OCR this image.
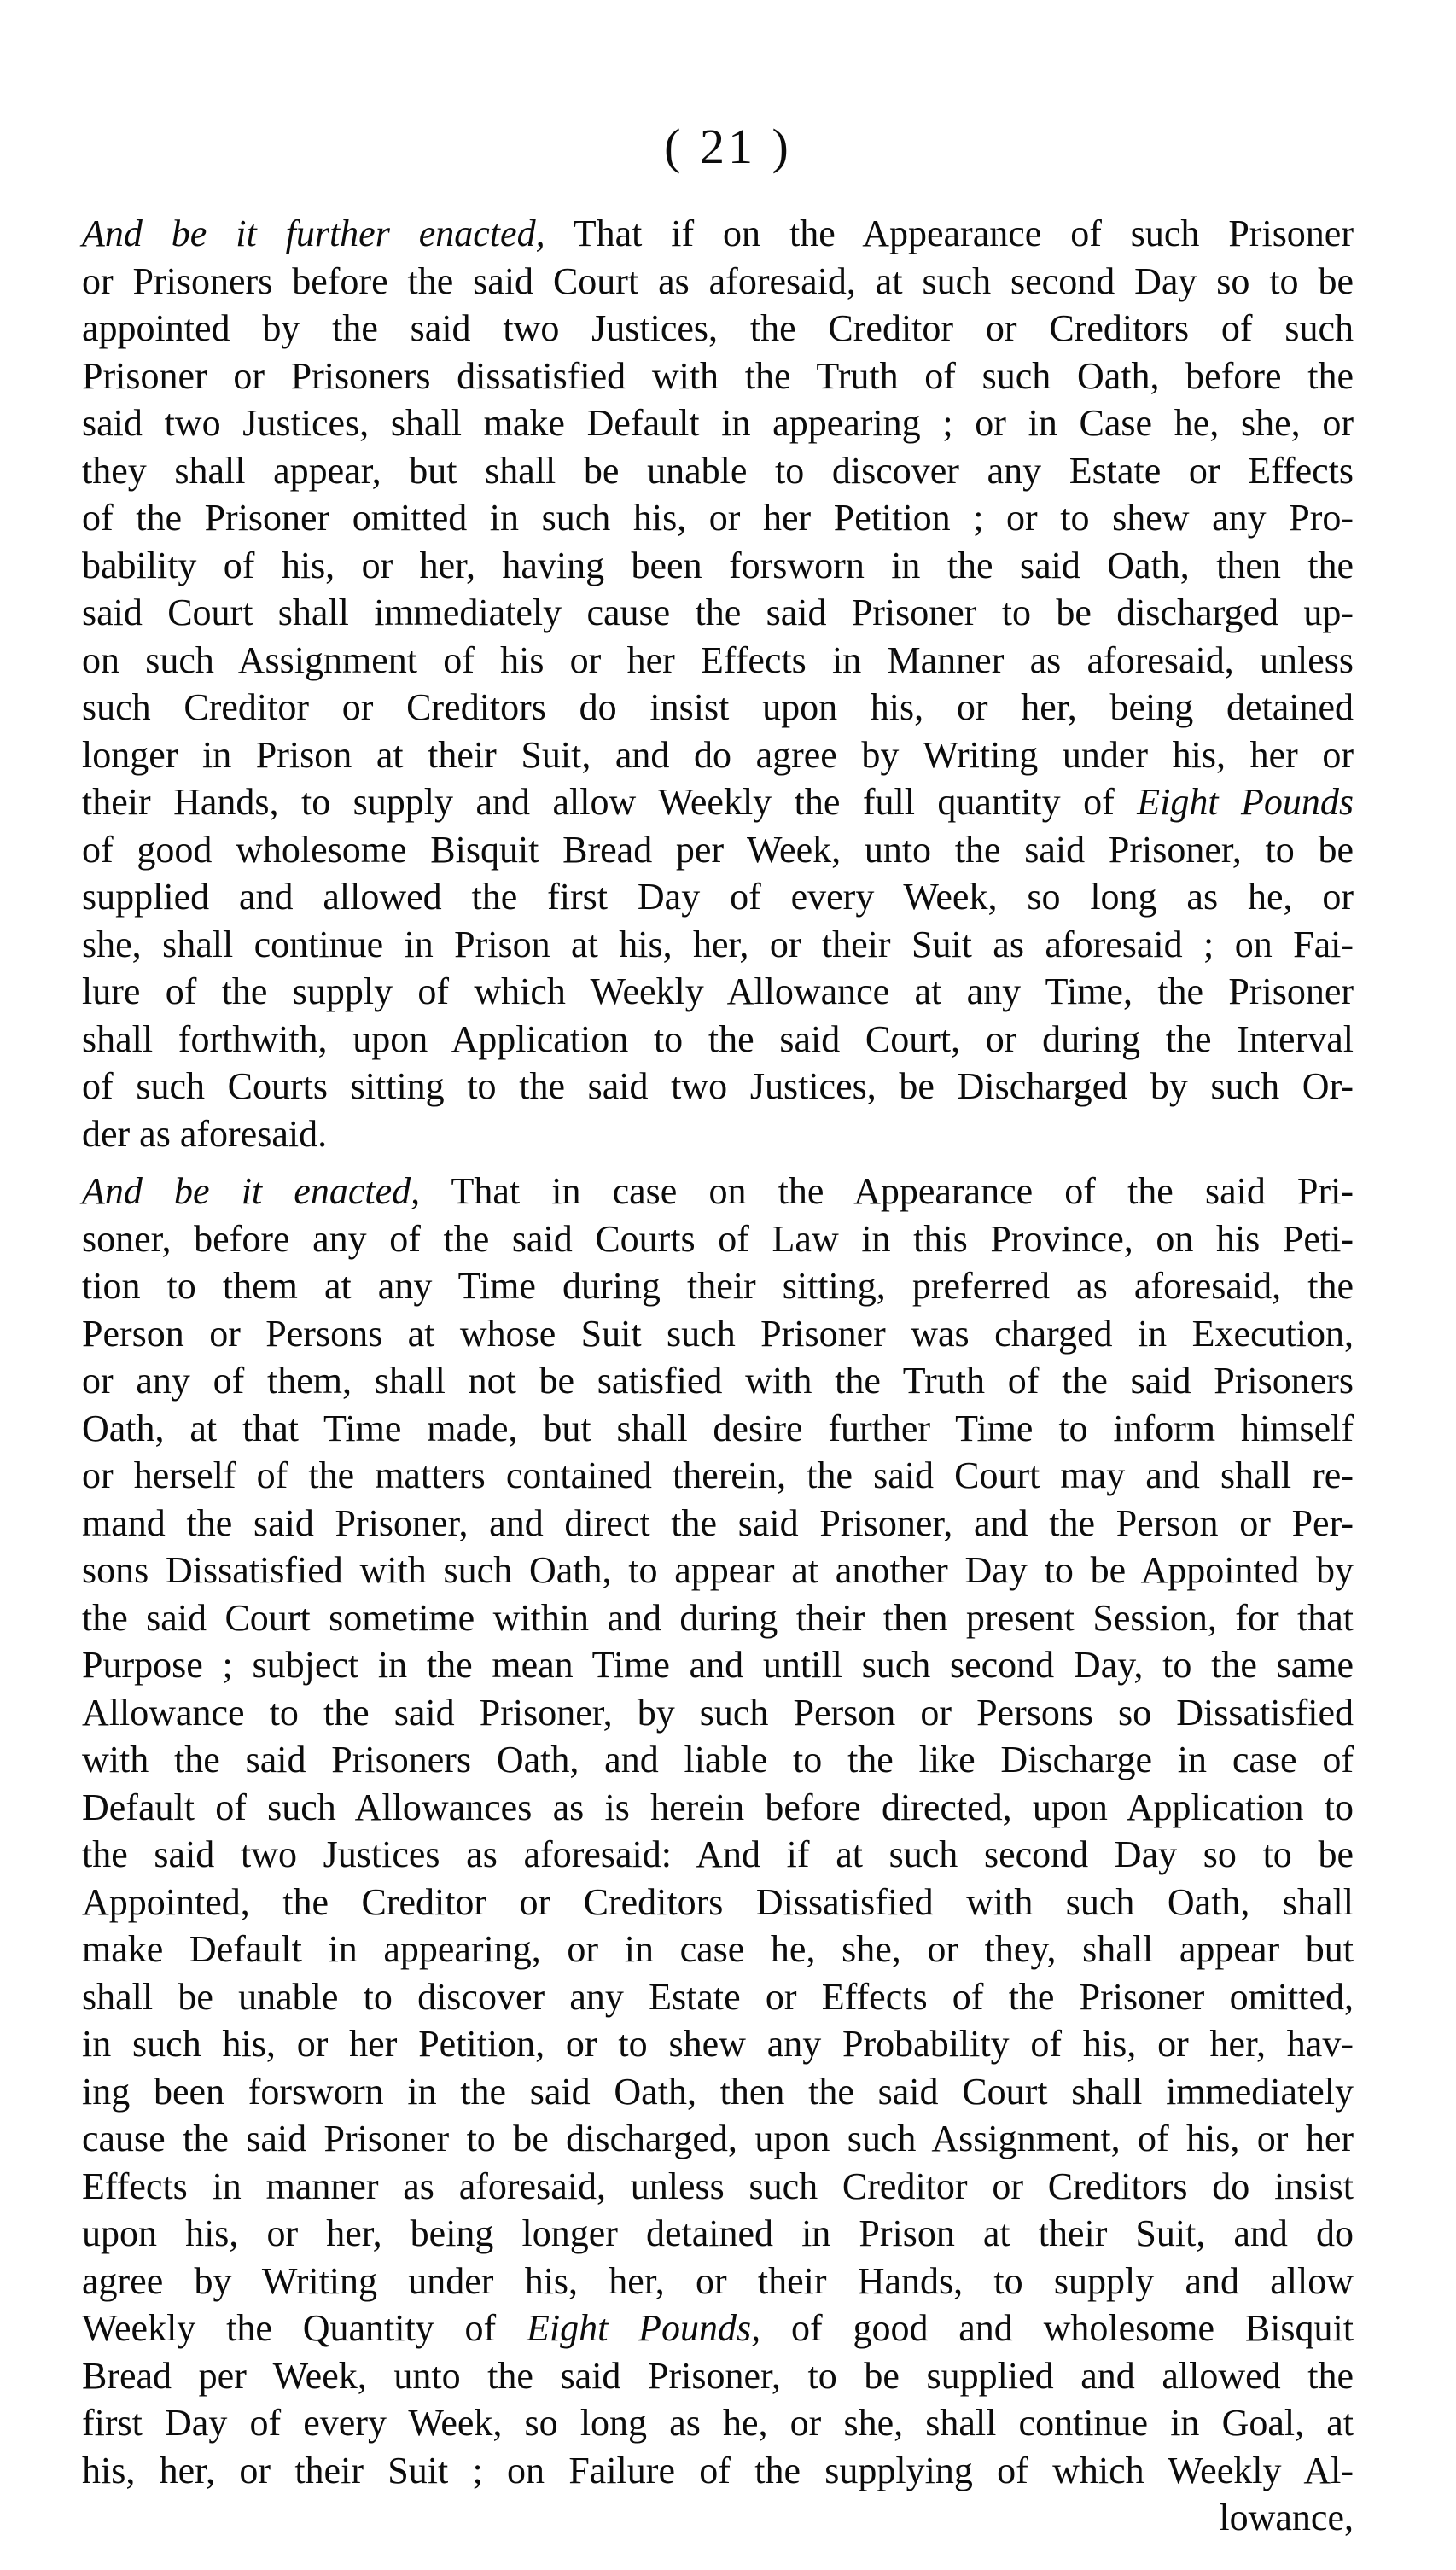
( 21 )
And be it further enacted, That if on the Appearance of such Prisoner
or Prisoners before the said Court as aforesaid, at such second Day so to be
appointed by the said two Justices, the Creditor or Creditors of such
Prisoner or Prisoners dissatisfied with the Truth of such Oath, before the
said two Justices, shall make Default in appearing ; or in Case he, she, or
they shall appear, but shall be unable to discover any Estate or Effects
of the Prisoner omitted in such his, or her Petition ; or to shew any Pro-
bability of his, or her, having been forsworn in the said Oath, then the
said Court shall immediately cause the said Prisoner to be discharged up-
on such Assignment of his or her Effects in Manner as aforesaid, unless
such Creditor or Creditors do insist upon his, or her, being detained
longer in Prison at their Suit, and do agree by Writing under his, her or
their Hands, to supply and allow Weekly the full quantity of Eight Pounds
of good wholesome Bisquit Bread per Week, unto the said Prisoner, to be
supplied and allowed the first Day of every Week, so long as he, or
she, shall continue in Prison at his, her, or their Suit as aforesaid ; on Fai-
lure of the supply of which Weekly Allowance at any Time, the Prisoner
shall forthwith, upon Application to the said Court, or during the Interval
of such Courts sitting to the said two Justices, be Discharged by such Or-
der as aforesaid.
And be it enacted, That in case on the Appearance of the said Pri-
soner, before any of the said Courts of Law in this Province, on his Peti-
tion to them at any Time during their sitting, preferred as aforesaid, the
Person or Persons at whose Suit such Prisoner was charged in Execution,
or any of them, shall not be satisfied with the Truth of the said Prisoners
Oath, at that Time made, but shall desire further Time to inform himself
or herself of the matters contained therein, the said Court may and shall re-
mand the said Prisoner, and direct the said Prisoner, and the Person or Per-
sons Dissatisfied with such Oath, to appear at another Day to be Appointed by
the said Court sometime within and during their then present Session, for that
Purpose ; subject in the mean Time and untill such second Day, to the same
Allowance to the said Prisoner, by such Person or Persons so Dissatisfied
with the said Prisoners Oath, and liable to the like Discharge in case of
Default of such Allowances as is herein before directed, upon Application to
the said two Justices as aforesaid: And if at such second Day so to be
Appointed, the Creditor or Creditors Dissatisfied with such Oath, shall
make Default in appearing, or in case he, she, or they, shall appear but
shall be unable to discover any Estate or Effects of the Prisoner omitted,
in such his, or her Petition, or to shew any Probability of his, or her, hav-
ing been forsworn in the said Oath, then the said Court shall immediately
cause the said Prisoner to be discharged, upon such Assignment, of his, or her
Effects in manner as aforesaid, unless such Creditor or Creditors do insist
upon his, or her, being longer detained in Prison at their Suit, and do
agree by Writing under his, her, or their Hands, to supply and allow
Weekly the Quantity of Eight Pounds, of good and wholesome Bisquit
Bread per Week, unto the said Prisoner, to be supplied and allowed the
first Day of every Week, so long as he, or she, shall continue in Goal, at
his, her, or their Suit ; on Failure of the supplying of which Weekly Al-
lowance,
